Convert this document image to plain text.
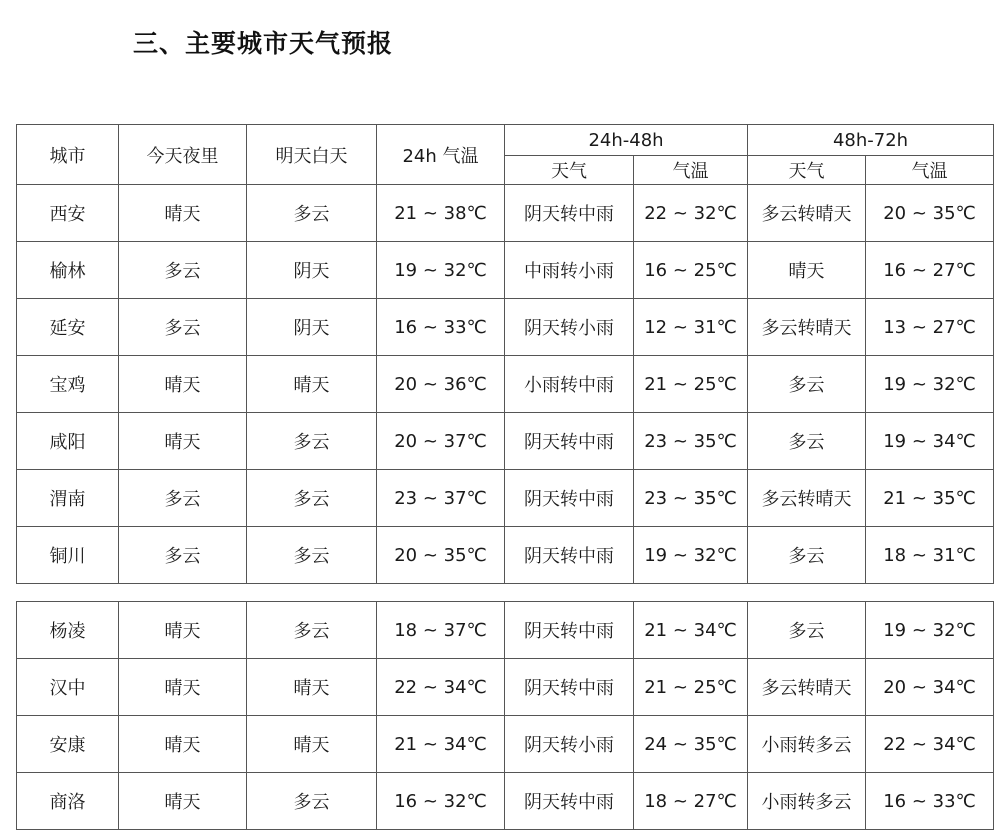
三、主要城市天气预报
城市	今天夜里	明天白天	24h 气温	24h-48h		48h-72h	
				天气	气温	天气	气温
西安	晴天	多云	21 ~ 38℃	阴天转中雨	22 ~ 32℃	多云转晴天	20 ~ 35℃
榆林	多云	阴天	19 ~ 32℃	中雨转小雨	16 ~ 25℃	晴天	16 ~ 27℃
延安	多云	阴天	16 ~ 33℃	阴天转小雨	12 ~ 31℃	多云转晴天	13 ~ 27℃
宝鸡	晴天	晴天	20 ~ 36℃	小雨转中雨	21 ~ 25℃	多云	19 ~ 32℃
咸阳	晴天	多云	20 ~ 37℃	阴天转中雨	23 ~ 35℃	多云	19 ~ 34℃
渭南	多云	多云	23 ~ 37℃	阴天转中雨	23 ~ 35℃	多云转晴天	21 ~ 35℃
铜川	多云	多云	20 ~ 35℃	阴天转中雨	19 ~ 32℃	多云	18 ~ 31℃
杨凌	晴天	多云	18 ~ 37℃	阴天转中雨	21 ~ 34℃	多云	19 ~ 32℃
汉中	晴天	晴天	22 ~ 34℃	阴天转中雨	21 ~ 25℃	多云转晴天	20 ~ 34℃
安康	晴天	晴天	21 ~ 34℃	阴天转小雨	24 ~ 35℃	小雨转多云	22 ~ 34℃
商洛	晴天	多云	16 ~ 32℃	阴天转中雨	18 ~ 27℃	小雨转多云	16 ~ 33℃
